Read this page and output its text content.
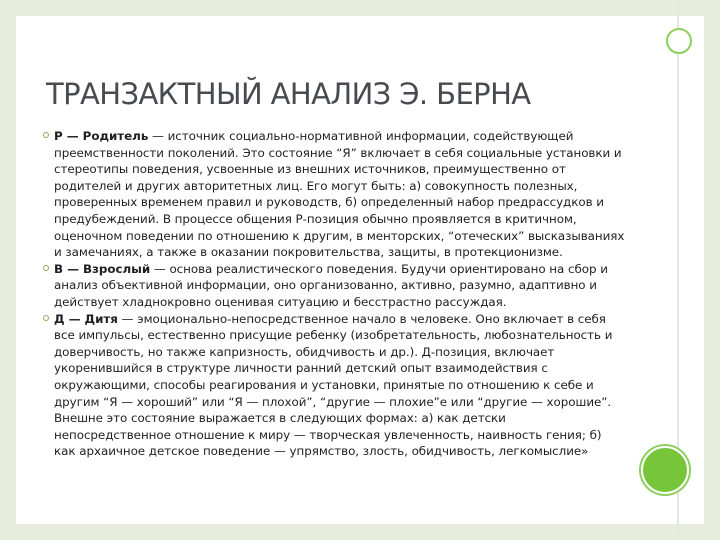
ТРАНЗАКТНЫЙ АНАЛИЗ Э. БЕРНА
Р — Родитель — источник социально-нормативной информации, содействующей преемственности поколений. Это состояние “Я” включает в себя социальные установки и стереотипы поведения, усвоенные из внешних источников, преимущественно от родителей и других авторитетных лиц. Его могут быть: а) совокупность полезных, проверенных временем правил и руководств, б) определенный набор предрассудков и предубеждений. В процессе общения Р-позиция обычно проявляется в критичном, оценочном поведении по отношению к другим, в менторских, “отеческих” высказываниях и замечаниях, а также в оказании покровительства, защиты, в протекционизме.
В — Взрослый — основа реалистического поведения. Будучи ориентировано на сбор и анализ объективной информации, оно организованно, активно, разумно, адаптивно и действует хладнокровно оценивая ситуацию и бесстрастно рассуждая.
Д — Дитя — эмоционально-непосредственное начало в человеке. Оно включает в себя все импульсы, естественно присущие ребенку (изобретательность, любознательность и доверчивость, но также капризность, обидчивость и др.). Д-позиция, включает укоренившийся в структуре личности ранний детский опыт взаимодействия с окружающими, способы реагирования и установки, принятые по отношению к себе и другим “Я — хороший” или “Я — плохой”, “другие — плохие”е или “другие — хорошие”. Внешне это состояние выражается в следующих формах: а) как детски непосредственное отношение к миру — творческая увлеченность, наивность гения; б) как архаичное детское поведение — упрямство, злость, обидчивость, легкомыслие»
